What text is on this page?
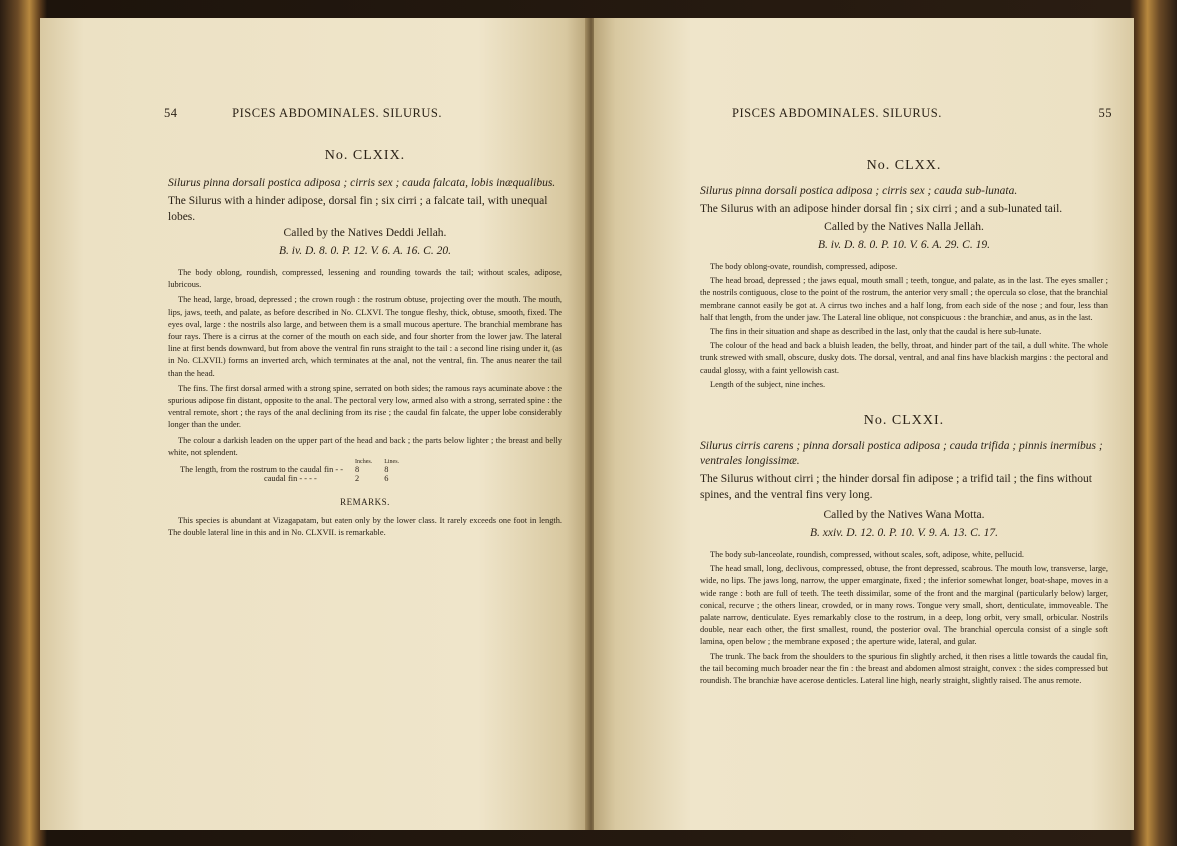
54	PISCES ABDOMINALES. SILURUS.
No. CLXIX.
Silurus pinna dorsali postica adiposa ; cirris sex ; cauda falcata, lobis inæqualibus.
The Silurus with a hinder adipose, dorsal fin ; six cirri ; a falcate tail, with unequal lobes.
Called by the Natives Deddi Jellah.
B. iv. D. 8. 0. P. 12. V. 6. A. 16. C. 20.

The body oblong, roundish, compressed, lessening and rounding towards the tail; without scales, adipose, lubricous.

The head, large, broad, depressed ; the crown rough : the rostrum obtuse, projecting over the mouth. The mouth, lips, jaws, teeth, and palate, as before described in No. CLXVI. The tongue fleshy, thick, obtuse, smooth, fixed. The eyes oval, large : the nostrils also large, and between them is a small mucous aperture. The branchial membrane has four rays. There is a cirrus at the corner of the mouth on each side, and four shorter from the lower jaw. The lateral line at first bends downward, but from above the ventral fin runs straight to the tail : a second line rising under it, (as in No. CLXVII.) forms an inverted arch, which terminates at the anal, not the ventral, fin. The anus nearer the tail than the head.

The fins. The first dorsal armed with a strong spine, serrated on both sides; the ramous rays acuminate above : the spurious adipose fin distant, opposite to the anal. The pectoral very low, armed also with a strong, serrated spine : the ventral remote, short ; the rays of the anal declining from its rise ; the caudal fin falcate, the upper lobe considerably longer than the under.

The colour a darkish leaden on the upper part of the head and back ; the parts below lighter ; the breast and belly white, not splendent.

	Inches.	Lines.
The length, from the rostrum to the caudal fin - -	8	8
caudal fin - - - -	2	6
REMARKS.

This species is abundant at Vizagapatam, but eaten only by the lower class. It rarely exceeds one foot in length. The double lateral line in this and in No. CLXVII. is remarkable.

PISCES ABDOMINALES. SILURUS.	55
No. CLXX.
Silurus pinna dorsali postica adiposa ; cirris sex ; cauda sub-lunata.
The Silurus with an adipose hinder dorsal fin ; six cirri ; and a sub-lunated tail.
Called by the Natives Nalla Jellah.
B. iv. D. 8. 0. P. 10. V. 6. A. 29. C. 19.

The body oblong-ovate, roundish, compressed, adipose.

The head broad, depressed ; the jaws equal, mouth small ; teeth, tongue, and palate, as in the last. The eyes smaller ; the nostrils contiguous, close to the point of the rostrum, the anterior very small ; the opercula so close, that the branchial membrane cannot easily be got at. A cirrus two inches and a half long, from each side of the nose ; and four, less than half that length, from the under jaw. The Lateral line oblique, not conspicuous : the branchiæ, and anus, as in the last.

The fins in their situation and shape as described in the last, only that the caudal is here sub-lunate.

The colour of the head and back a bluish leaden, the belly, throat, and hinder part of the tail, a dull white. The whole trunk strewed with small, obscure, dusky dots. The dorsal, ventral, and anal fins have blackish margins : the pectoral and caudal glossy, with a faint yellowish cast.

Length of the subject, nine inches.

No. CLXXI.
Silurus cirris carens ; pinna dorsali postica adiposa ; cauda trifida ; pinnis inermibus ; ventrales longissimæ.
The Silurus without cirri ; the hinder dorsal fin adipose ; a trifid tail ; the fins without spines, and the ventral fins very long.
Called by the Natives Wana Motta.
B. xxiv. D. 12. 0. P. 10. V. 9. A. 13. C. 17.

The body sub-lanceolate, roundish, compressed, without scales, soft, adipose, white, pellucid.

The head small, long, declivous, compressed, obtuse, the front depressed, scabrous. The mouth low, transverse, large, wide, no lips. The jaws long, narrow, the upper emarginate, fixed ; the inferior somewhat longer, boat-shape, moves in a wide range : both are full of teeth. The teeth dissimilar, some of the front and the marginal (particularly below) larger, conical, recurve ; the others linear, crowded, or in many rows. Tongue very small, short, denticulate, immoveable. The palate narrow, denticulate. Eyes remarkably close to the rostrum, in a deep, long orbit, very small, orbicular. Nostrils double, near each other, the first smallest, round, the posterior oval. The branchial opercula consist of a single soft lamina, open below ; the membrane exposed ; the aperture wide, lateral, and gular.

The trunk. The back from the shoulders to the spurious fin slightly arched, it then rises a little towards the caudal fin, the tail becoming much broader near the fin : the breast and abdomen almost straight, convex : the sides compressed but roundish. The branchiæ have acerose denticles. Lateral line high, nearly straight, slightly raised. The anus remote.
